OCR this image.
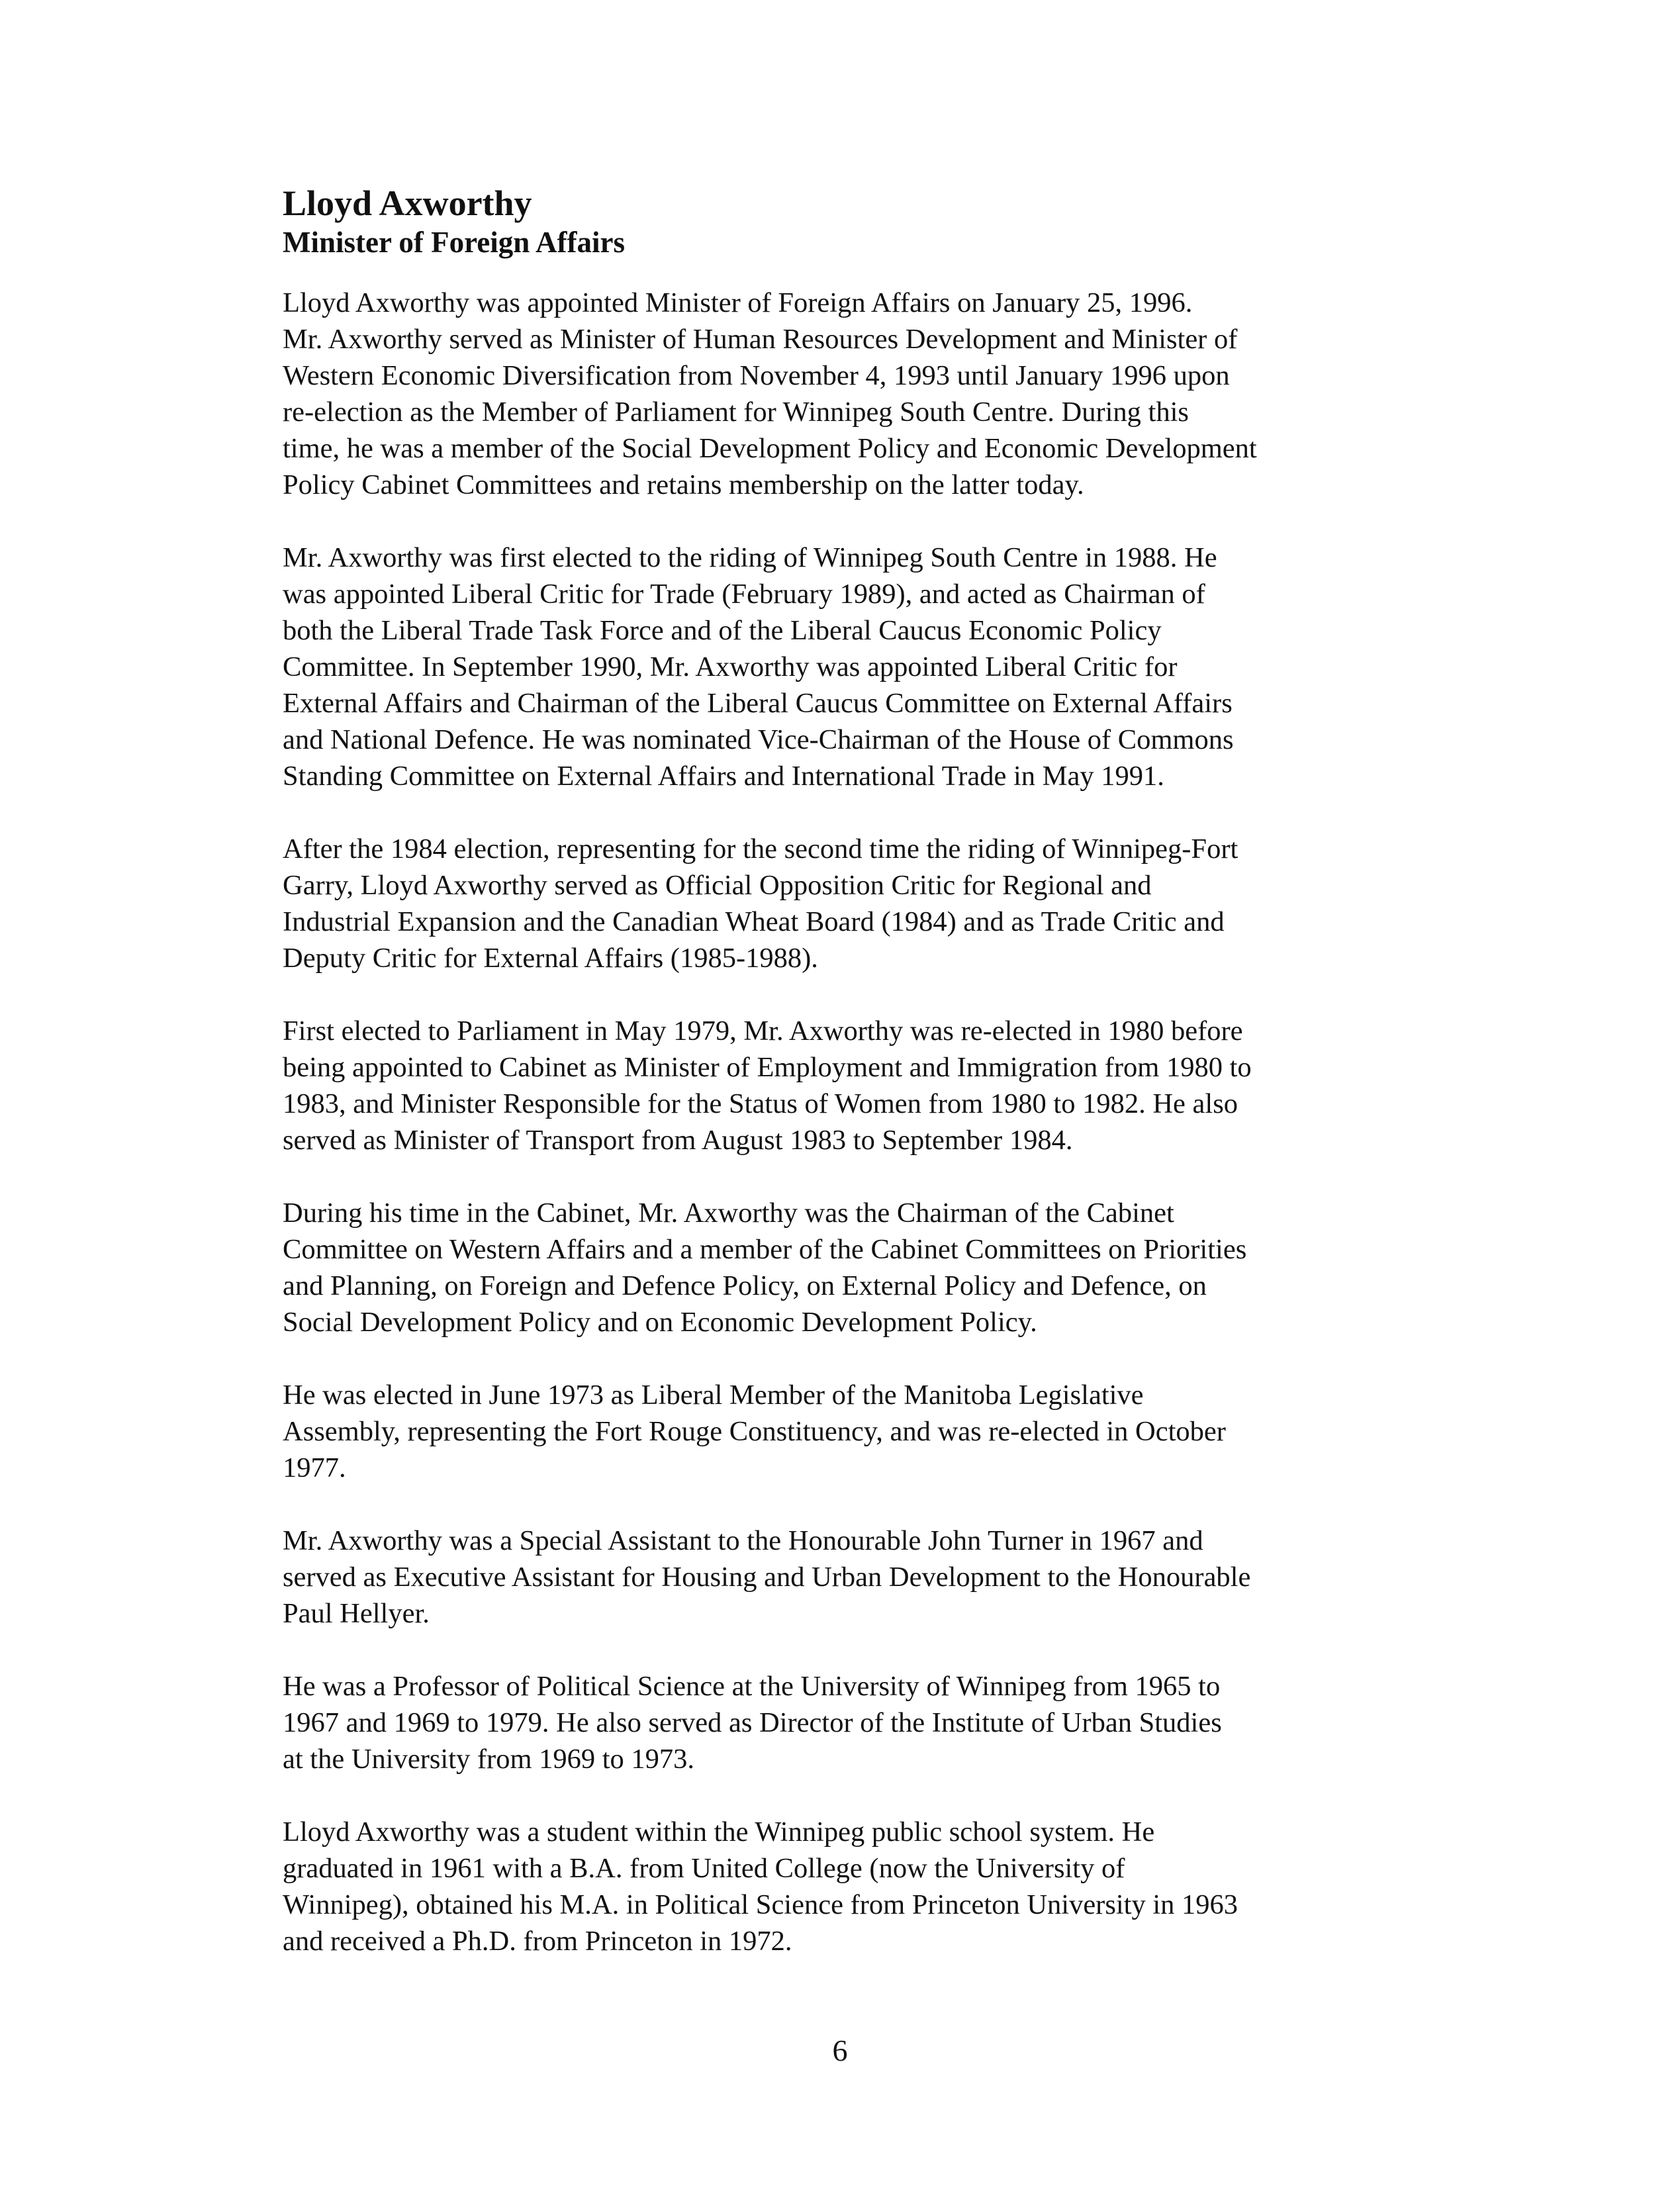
Lloyd Axworthy
Minister of Foreign Affairs

Lloyd Axworthy was appointed Minister of Foreign Affairs on January 25, 1996.
Mr. Axworthy served as Minister of Human Resources Development and Minister of
Western Economic Diversification from November 4, 1993 until January 1996 upon
re-election as the Member of Parliament for Winnipeg South Centre. During this
time, he was a member of the Social Development Policy and Economic Development
Policy Cabinet Committees and retains membership on the latter today.

Mr. Axworthy was first elected to the riding of Winnipeg South Centre in 1988. He
was appointed Liberal Critic for Trade (February 1989), and acted as Chairman of
both the Liberal Trade Task Force and of the Liberal Caucus Economic Policy
Committee. In September 1990, Mr. Axworthy was appointed Liberal Critic for
External Affairs and Chairman of the Liberal Caucus Committee on External Affairs
and National Defence. He was nominated Vice-Chairman of the House of Commons
Standing Committee on External Affairs and International Trade in May 1991.

After the 1984 election, representing for the second time the riding of Winnipeg-Fort
Garry, Lloyd Axworthy served as Official Opposition Critic for Regional and
Industrial Expansion and the Canadian Wheat Board (1984) and as Trade Critic and
Deputy Critic for External Affairs (1985-1988).

First elected to Parliament in May 1979, Mr. Axworthy was re-elected in 1980 before
being appointed to Cabinet as Minister of Employment and Immigration from 1980 to
1983, and Minister Responsible for the Status of Women from 1980 to 1982. He also
served as Minister of Transport from August 1983 to September 1984.

During his time in the Cabinet, Mr. Axworthy was the Chairman of the Cabinet
Committee on Western Affairs and a member of the Cabinet Committees on Priorities
and Planning, on Foreign and Defence Policy, on External Policy and Defence, on
Social Development Policy and on Economic Development Policy.

He was elected in June 1973 as Liberal Member of the Manitoba Legislative
Assembly, representing the Fort Rouge Constituency, and was re-elected in October
1977.

Mr. Axworthy was a Special Assistant to the Honourable John Turner in 1967 and
served as Executive Assistant for Housing and Urban Development to the Honourable
Paul Hellyer.

He was a Professor of Political Science at the University of Winnipeg from 1965 to
1967 and 1969 to 1979. He also served as Director of the Institute of Urban Studies
at the University from 1969 to 1973.

Lloyd Axworthy was a student within the Winnipeg public school system. He
graduated in 1961 with a B.A. from United College (now the University of
Winnipeg), obtained his M.A. in Political Science from Princeton University in 1963
and received a Ph.D. from Princeton in 1972.

6
